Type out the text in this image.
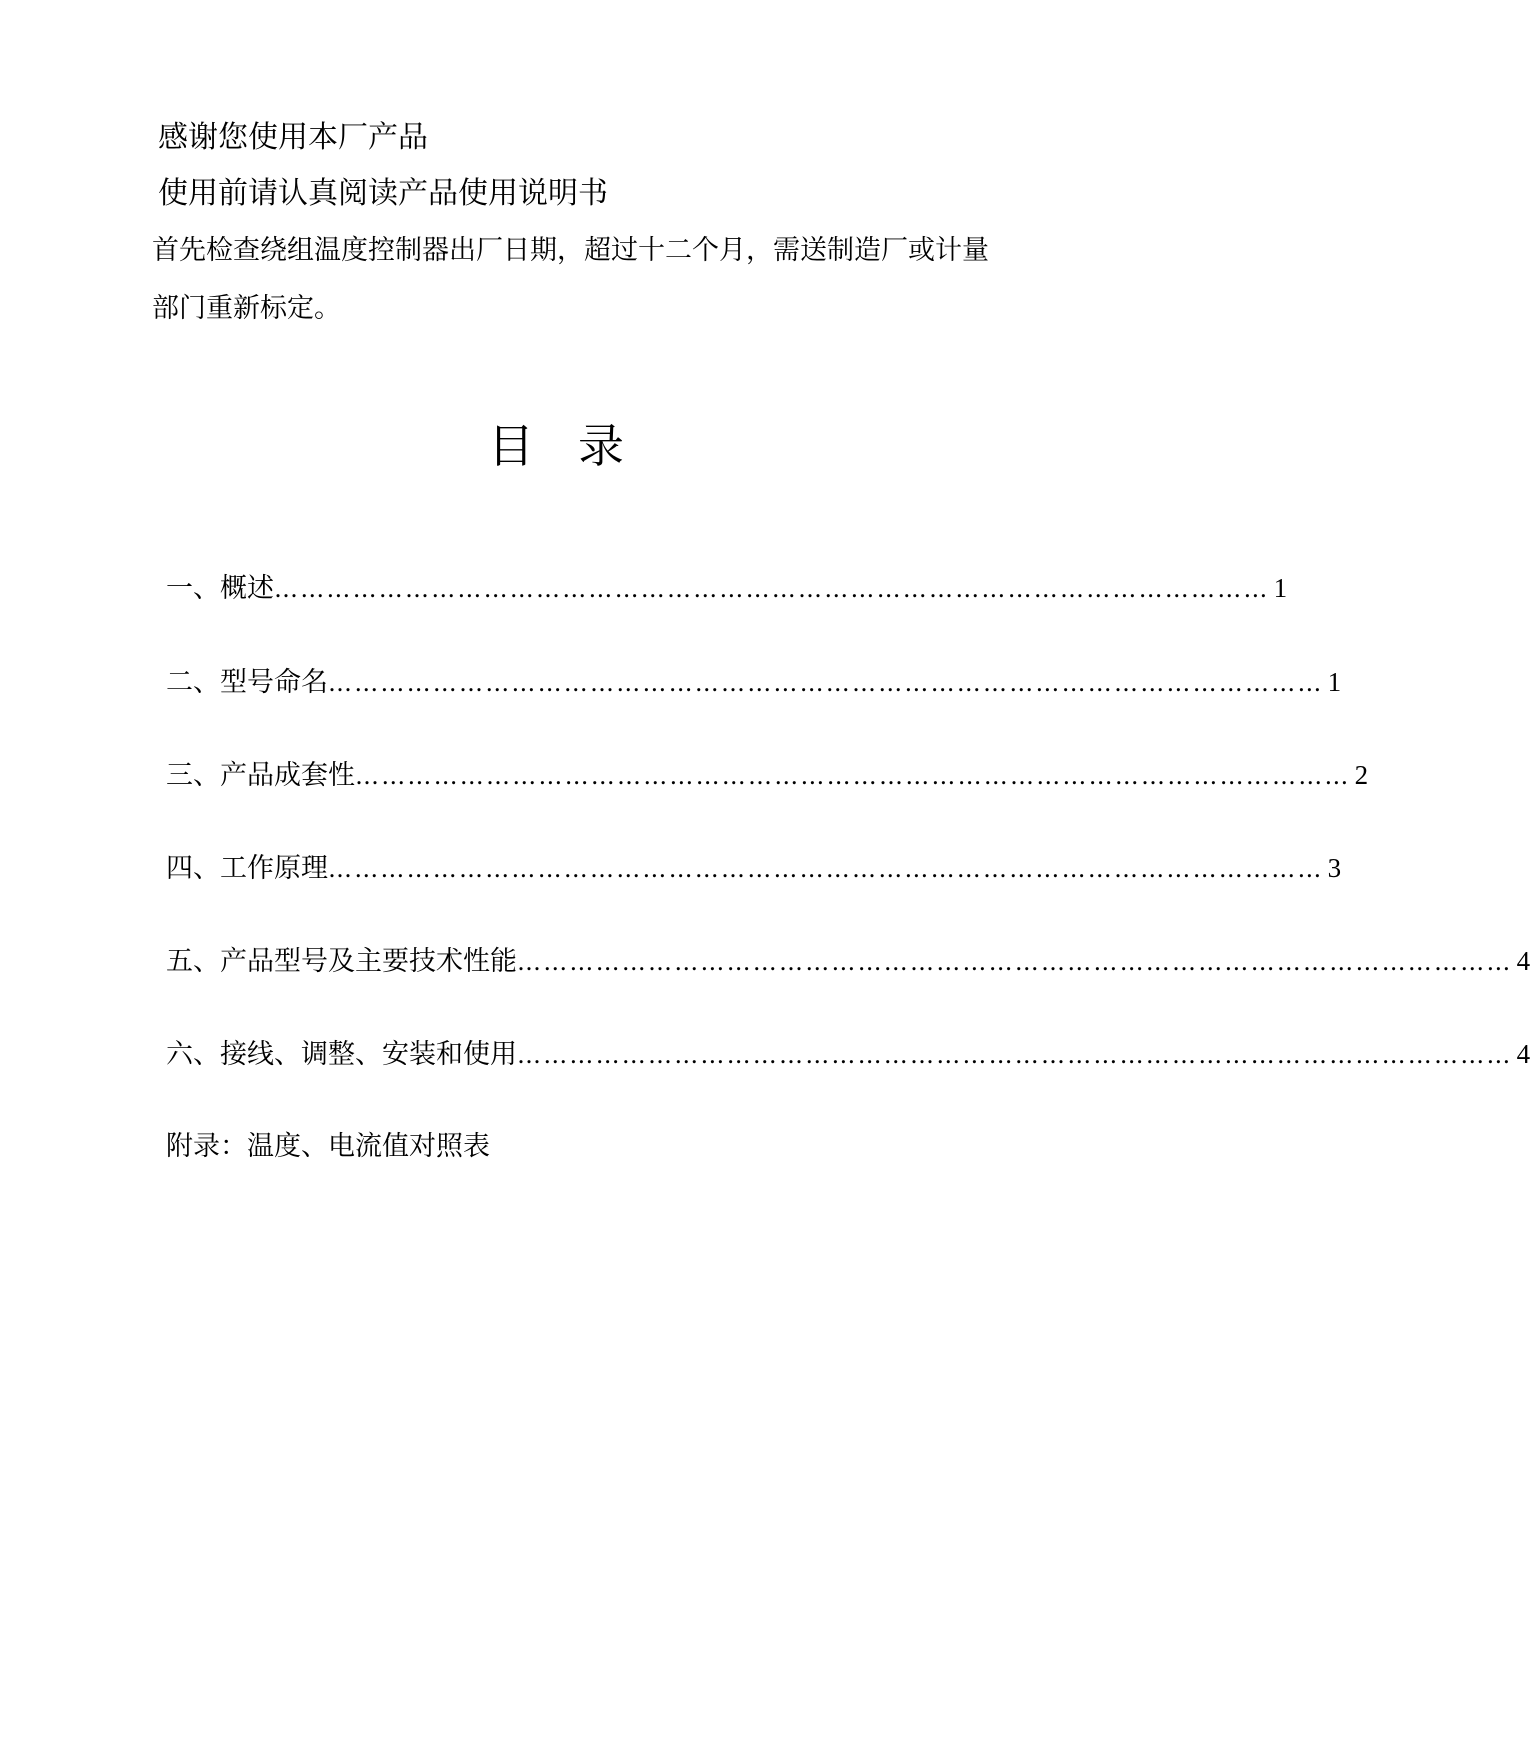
感谢您使用本厂产品
使用前请认真阅读产品使用说明书
首先检查绕组温度控制器出厂日期，超过十二个月，需送制造厂或计量
部门重新标定。
目 录
一、概述 …………………………………………………………………………………………………… 1
二、型号命名 …………………………………………………………………………………………………… 1
三、产品成套性 …………………………………………………………………………………………………… 2
四、工作原理 …………………………………………………………………………………………………… 3
五、产品型号及主要技术性能 …………………………………………………………………………………………………… 4
六、接线、调整、安装和使用 …………………………………………………………………………………………………… 4
附录：温度、电流值对照表
